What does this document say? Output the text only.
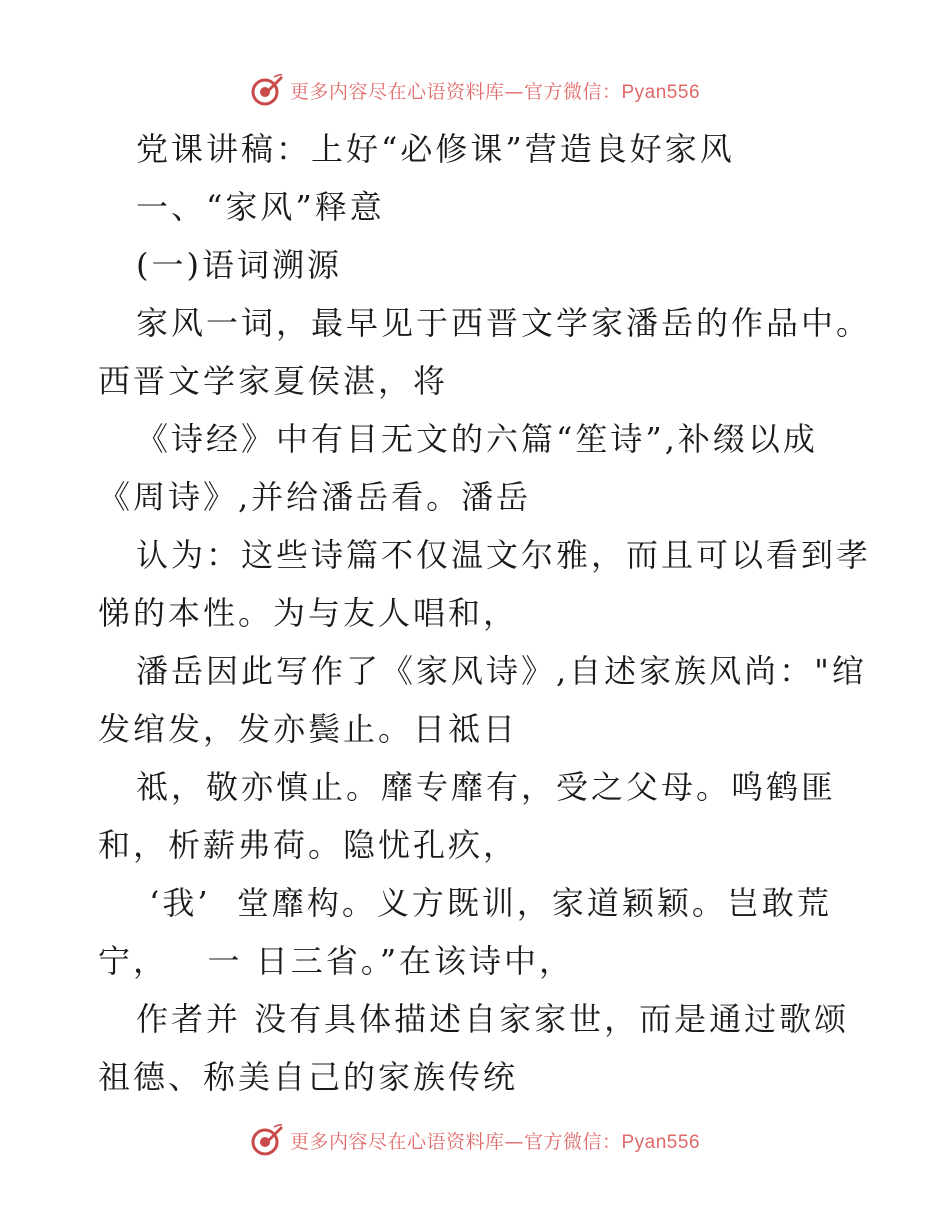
更多内容尽在心语资料库—官方微信：Pyan556
党课讲稿：上好“必修课”营造良好家风
一、“家风”释意
(一)语词溯源
家风一词，最早见于西晋文学家潘岳的作品中。
西晋文学家夏侯湛，将
《诗经》中有目无文的六篇“笙诗”,补缀以成
《周诗》,并给潘岳看。潘岳
认为：这些诗篇不仅温文尔雅，而且可以看到孝
悌的本性。为与友人唱和，
潘岳因此写作了《家风诗》,自述家族风尚："绾
发绾发，发亦鬓止。日祗日
祗，敬亦慎止。靡专靡有，受之父母。鸣鹤匪
和，析薪弗荷。隐忧孔疚，
‘我’  堂靡构。义方既训，家道颖颖。岂敢荒
宁，   一 日三省。”在该诗中，
作者并 没有具体描述自家家世，而是通过歌颂
祖德、称美自己的家族传统
更多内容尽在心语资料库—官方微信：Pyan556
